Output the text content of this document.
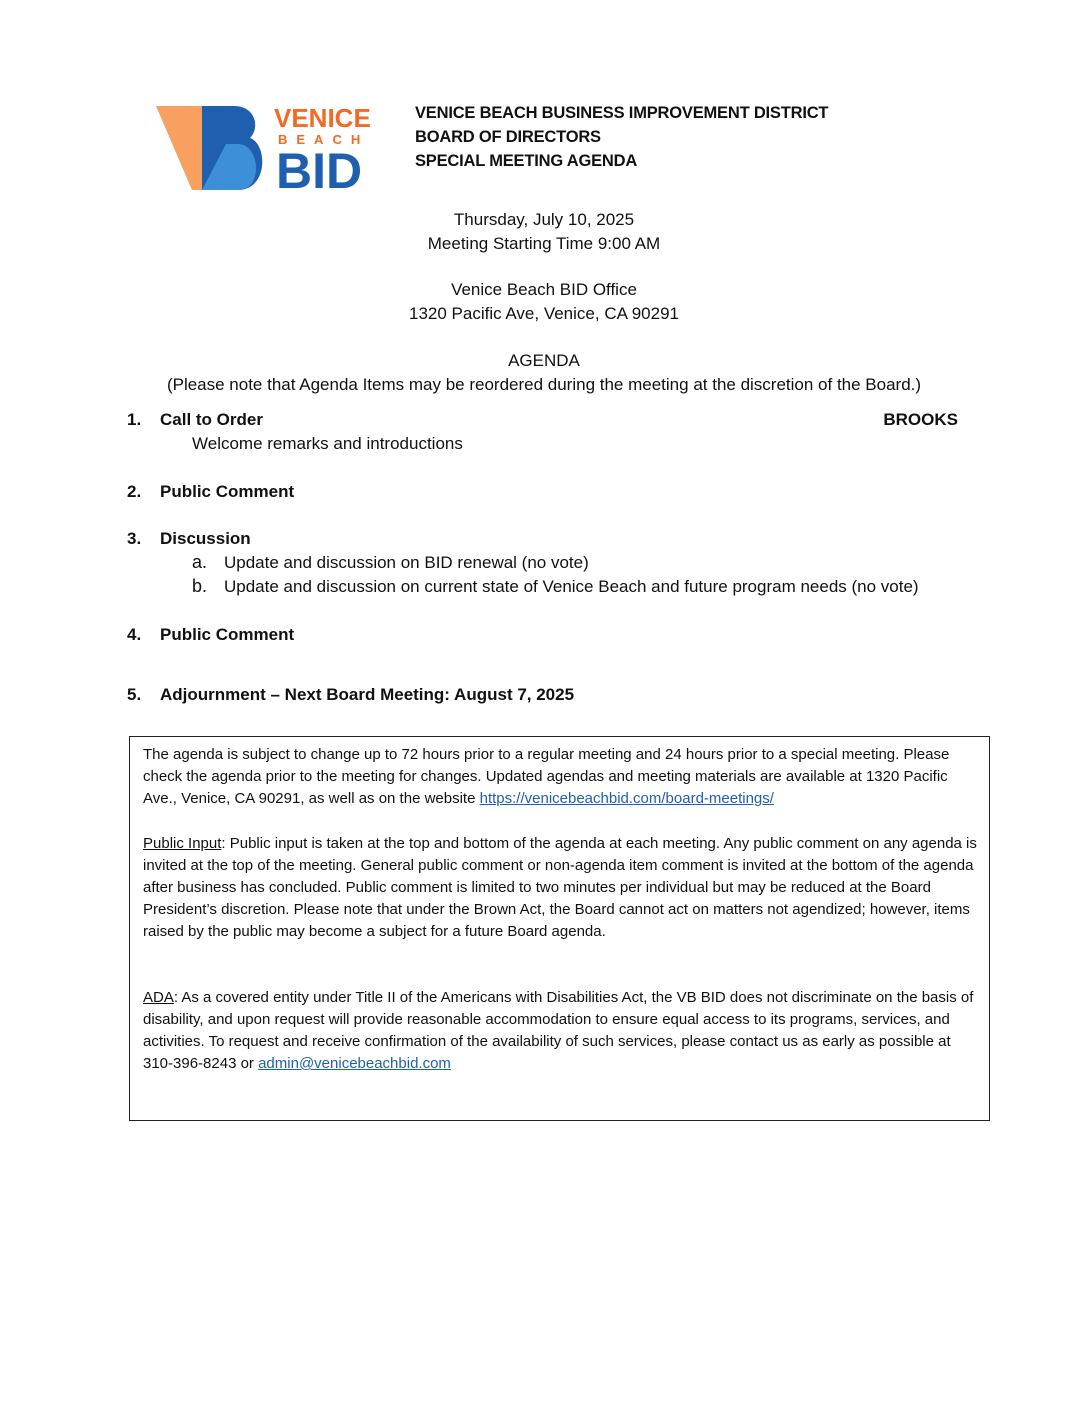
VENICE
BEACH
BID
VENICE BEACH BUSINESS IMPROVEMENT DISTRICT
BOARD OF DIRECTORS
SPECIAL MEETING AGENDA
Thursday, July 10, 2025
Meeting Starting Time 9:00 AM
Venice Beach BID Office
1320 Pacific Ave, Venice, CA 90291
AGENDA
(Please note that Agenda Items may be reordered during the meeting at the discretion of the Board.)
1. Call to Order	BROOKS
Welcome remarks and introductions
2. Public Comment
3. Discussion
a. Update and discussion on BID renewal (no vote)
b. Update and discussion on current state of Venice Beach and future program needs (no vote)
4. Public Comment
5. Adjournment – Next Board Meeting: August 7, 2025
The agenda is subject to change up to 72 hours prior to a regular meeting and 24 hours prior to a special meeting. Please check the agenda prior to the meeting for changes. Updated agendas and meeting materials are available at 1320 Pacific Ave., Venice, CA 90291, as well as on the website https://venicebeachbid.com/board-meetings/
Public Input: Public input is taken at the top and bottom of the agenda at each meeting. Any public comment on any agenda is invited at the top of the meeting. General public comment or non-agenda item comment is invited at the bottom of the agenda after business has concluded. Public comment is limited to two minutes per individual but may be reduced at the Board President’s discretion. Please note that under the Brown Act, the Board cannot act on matters not agendized; however, items raised by the public may become a subject for a future Board agenda.
ADA: As a covered entity under Title II of the Americans with Disabilities Act, the VB BID does not discriminate on the basis of disability, and upon request will provide reasonable accommodation to ensure equal access to its programs, services, and activities. To request and receive confirmation of the availability of such services, please contact us as early as possible at 310-396-8243 or admin@venicebeachbid.com
